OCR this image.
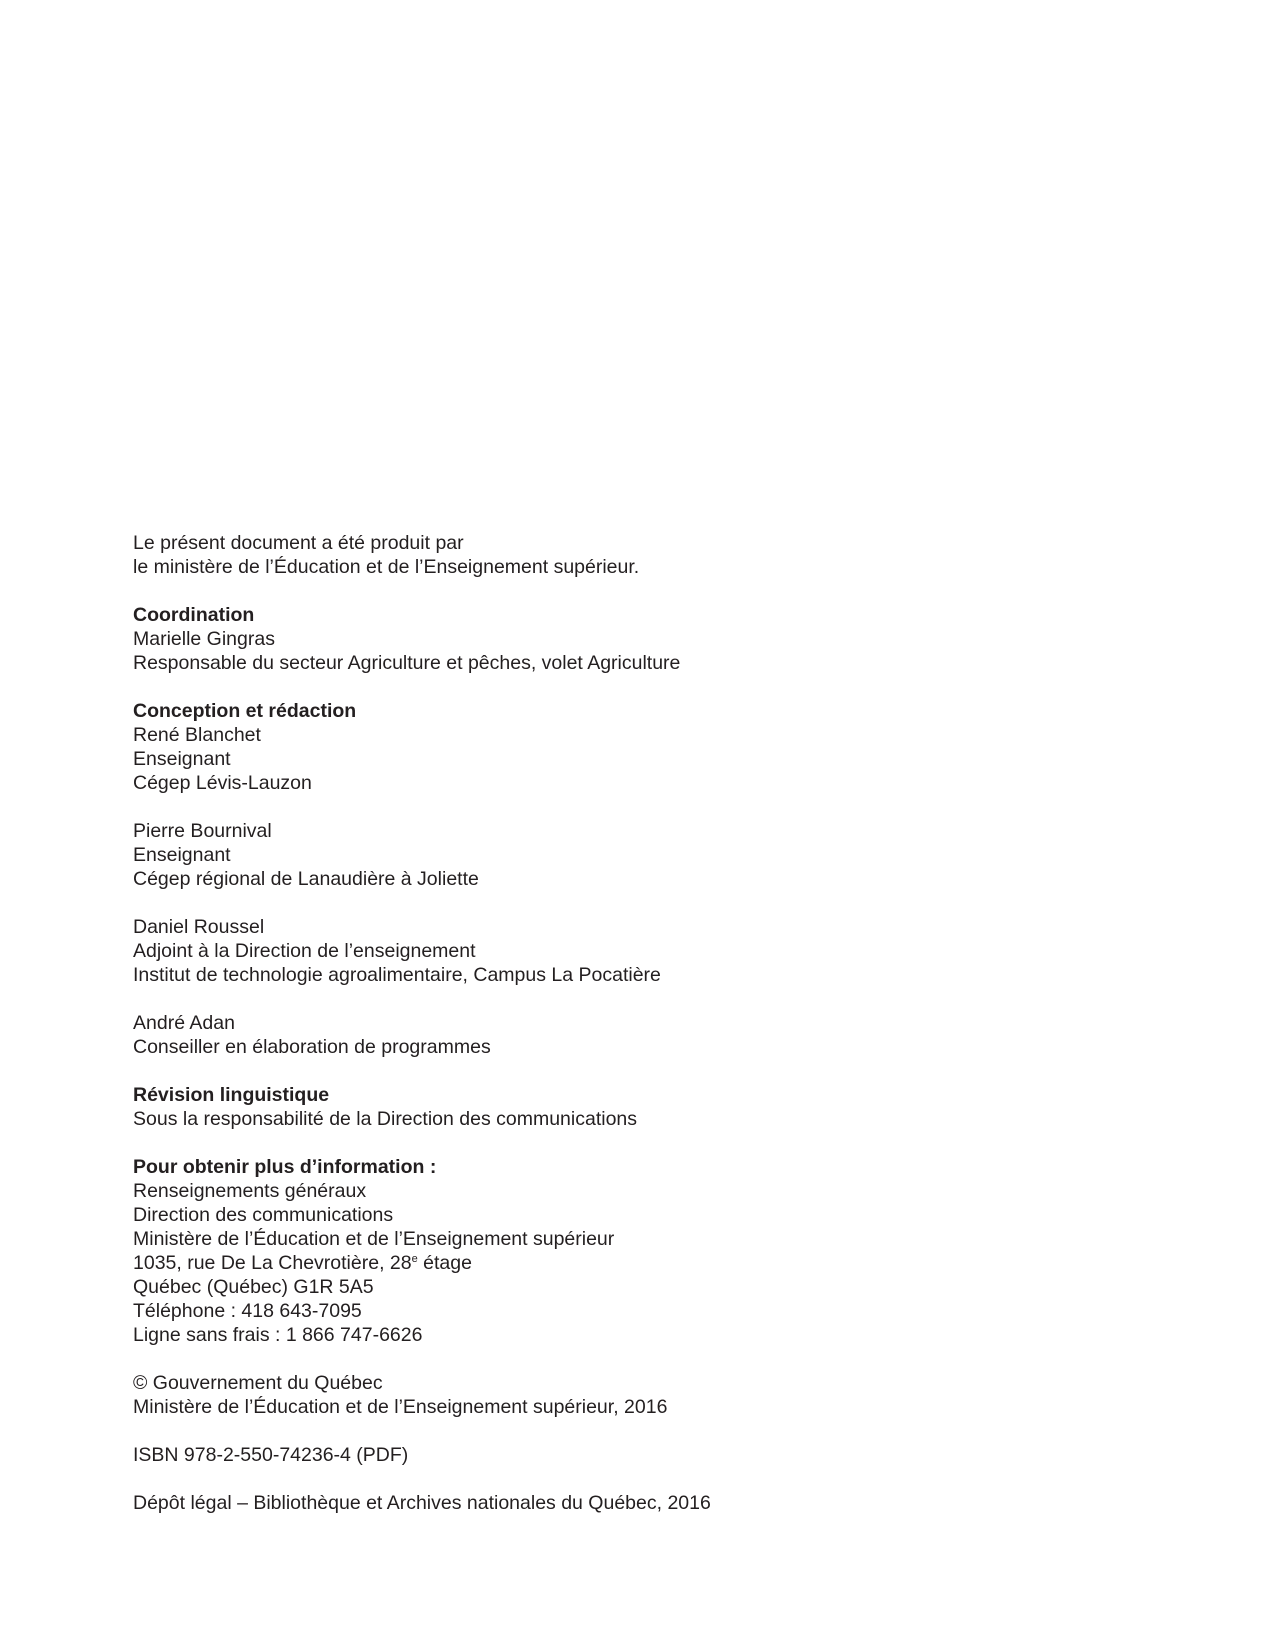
Le présent document a été produit par

le ministère de l’Éducation et de l’Enseignement supérieur.

Coordination

Marielle Gingras

Responsable du secteur Agriculture et pêches, volet Agriculture

Conception et rédaction

René Blanchet

Enseignant

Cégep Lévis-Lauzon

Pierre Bournival

Enseignant

Cégep régional de Lanaudière à Joliette

Daniel Roussel

Adjoint à la Direction de l’enseignement

Institut de technologie agroalimentaire, Campus La Pocatière

André Adan

Conseiller en élaboration de programmes

Révision linguistique

Sous la responsabilité de la Direction des communications

Pour obtenir plus d’information :

Renseignements généraux

Direction des communications

Ministère de l’Éducation et de l’Enseignement supérieur

1035, rue De La Chevrotière, 28e étage

Québec (Québec) G1R 5A5

Téléphone : 418 643-7095

Ligne sans frais : 1 866 747-6626

© Gouvernement du Québec

Ministère de l’Éducation et de l’Enseignement supérieur, 2016

ISBN 978-2-550-74236-4 (PDF)

Dépôt légal – Bibliothèque et Archives nationales du Québec, 2016
